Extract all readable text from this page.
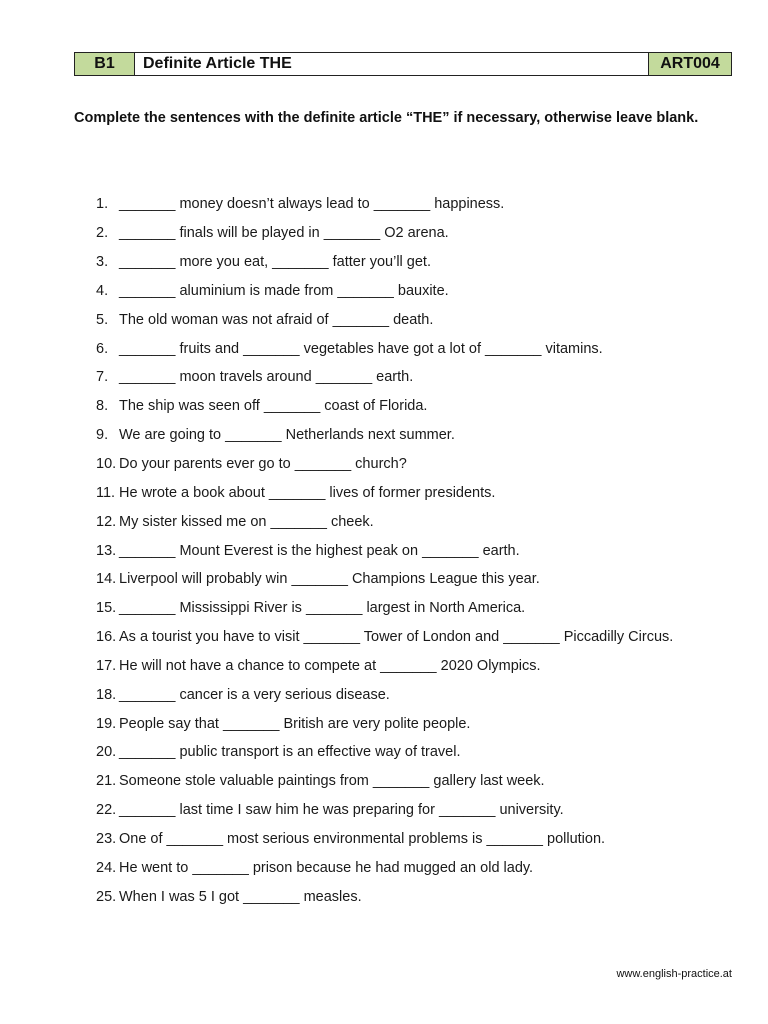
B1	Definite Article THE	ART004
Complete the sentences with the definite article “THE” if necessary, otherwise leave blank.
1. _______ money doesn’t always lead to _______ happiness.
2. _______ finals will be played in _______ O2 arena.
3. _______ more you eat, _______ fatter you’ll get.
4. _______ aluminium is made from _______ bauxite.
5. The old woman was not afraid of _______ death.
6. _______ fruits and _______ vegetables have got a lot of _______ vitamins.
7. _______ moon travels around _______ earth.
8. The ship was seen off _______ coast of Florida.
9. We are going to _______ Netherlands next summer.
10. Do your parents ever go to _______ church?
11. He wrote a book about _______ lives of former presidents.
12. My sister kissed me on _______ cheek.
13. _______ Mount Everest is the highest peak on _______ earth.
14. Liverpool will probably win _______ Champions League this year.
15. _______ Mississippi River is _______ largest in North America.
16. As a tourist you have to visit _______ Tower of London and _______ Piccadilly Circus.
17. He will not have a chance to compete at _______ 2020 Olympics.
18. _______ cancer is a very serious disease.
19. People say that _______ British are very polite people.
20. _______ public transport is an effective way of travel.
21. Someone stole valuable paintings from _______ gallery last week.
22. _______ last time I saw him he was preparing for _______ university.
23. One of _______ most serious environmental problems is _______ pollution.
24. He went to _______ prison because he had mugged an old lady.
25. When I was 5 I got _______ measles.
www.english-practice.at
